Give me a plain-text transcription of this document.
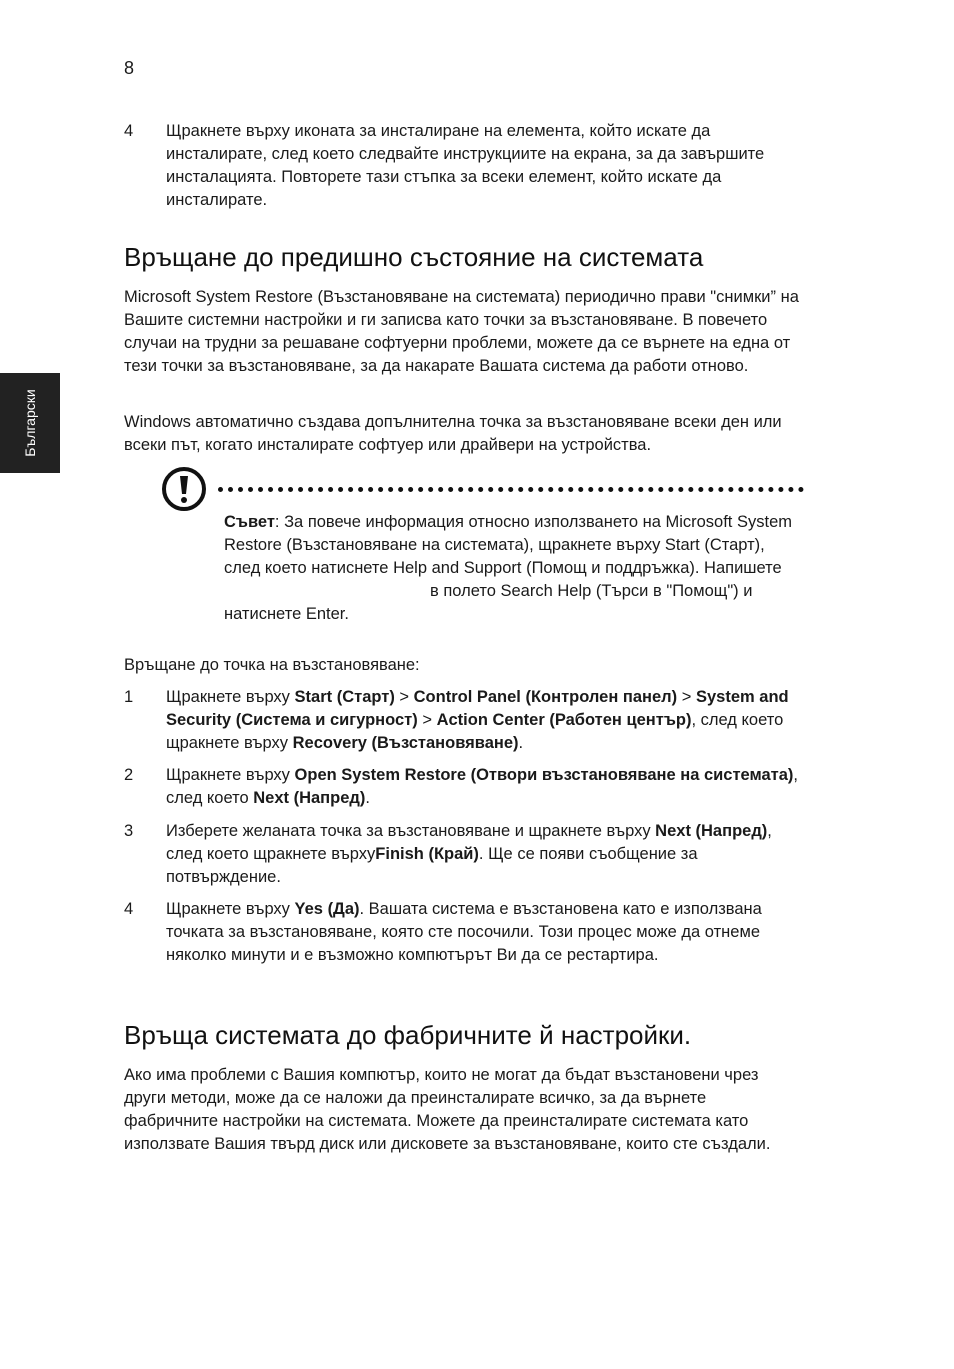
8
Български
4 Щракнете върху иконата за инсталиране на елемента, който искате да инсталирате, след което следвайте инструкциите на екрана, за да завършите инсталацията. Повторете тази стъпка за всеки елемент, който искате да инсталирате.

Връщане до предишно състояние на системата

Microsoft System Restore (Възстановяване на системата) периодично прави "снимки” на Вашите системни настройки и ги записва като точки за възстановяване. В повечето случаи на трудни за решаване софтуерни проблеми, можете да се върнете на една от тези точки за възстановяване, за да накарате Вашата система да работи отново.

Windows автоматично създава допълнителна точка за възстановяване всеки ден или всеки път, когато инсталирате софтуер или драйвери на устройства.

Съвет: За повече информация относно използването на Microsoft System Restore (Възстановяване на системата), щракнете върху Start (Старт), след което натиснете Help and Support (Помощ и поддръжка). Напишетев полето Search Help (Търси в "Помощ") и натиснете Enter.

Връщане до точка на възстановяване:

1 Щракнете върху Start (Старт) > Control Panel (Контролен панел) > System and Security (Система и сигурност) > Action Center (Работен център), след което щракнете върху Recovery (Възстановяване).

2 Щракнете върху Open System Restore (Отвори възстановяване на системата), след което Next (Напред).

3 Изберете желаната точка за възстановяване и щракнете върху Next (Напред), след което щракнете върхуFinish (Край). Ще се появи съобщение за потвърждение.

4 Щракнете върху Yes (Да). Вашата система е възстановена като е използвана точката за възстановяване, която сте посочили. Този процес може да отнеме няколко минути и е възможно компютърът Ви да се рестартира.

Връща системата до фабричните й настройки.

Ако има проблеми с Вашия компютър, които не могат да бъдат възстановени чрез други методи, може да се наложи да преинсталирате всичко, за да върнете фабричните настройки на системата. Можете да преинсталирате системата като използвате Вашия твърд диск или дисковете за възстановяване, които сте създали.
